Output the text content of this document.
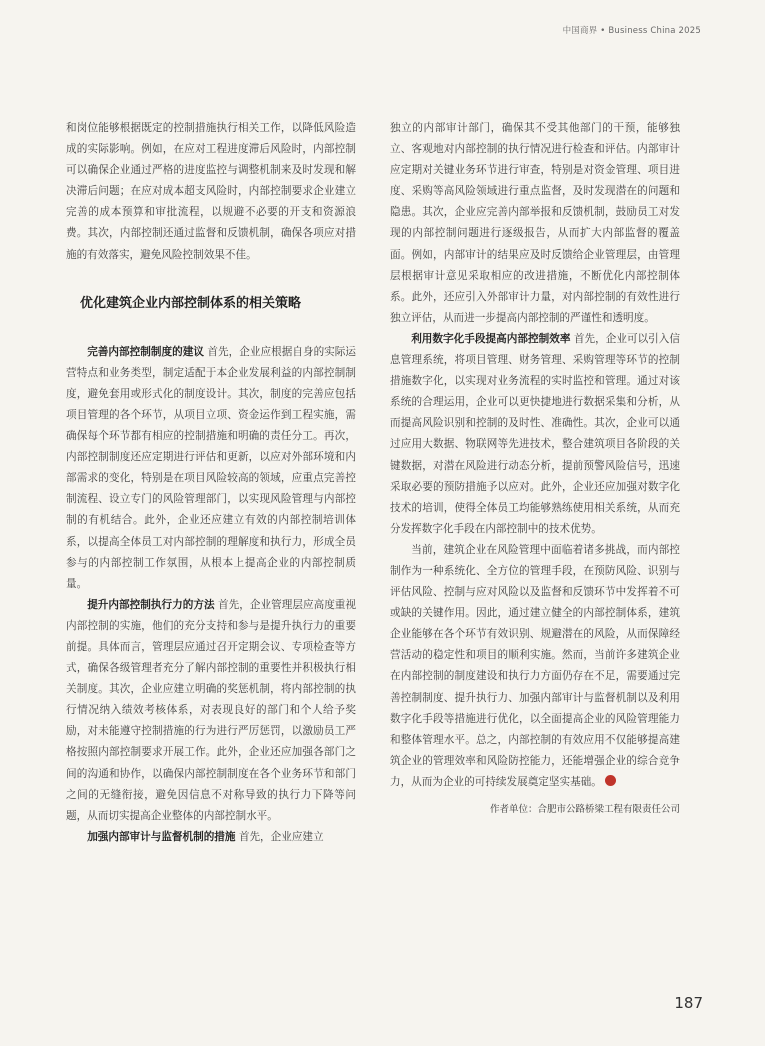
中国商界 • Business China 2025

和岗位能够根据既定的控制措施执行相关工作，以降低风险造成的实际影响。例如，在应对工程进度滞后风险时，内部控制可以确保企业通过严格的进度监控与调整机制来及时发现和解决滞后问题；在应对成本超支风险时，内部控制要求企业建立完善的成本预算和审批流程，以规避不必要的开支和资源浪费。其次，内部控制还通过监督和反馈机制，确保各项应对措施的有效落实，避免风险控制效果不佳。

优化建筑企业内部控制体系的相关策略

完善内部控制制度的建议 首先，企业应根据自身的实际运营特点和业务类型，制定适配于本企业发展利益的内部控制制度，避免套用或形式化的制度设计。其次，制度的完善应包括项目管理的各个环节，从项目立项、资金运作到工程实施，需确保每个环节都有相应的控制措施和明确的责任分工。再次，内部控制制度还应定期进行评估和更新，以应对外部环境和内部需求的变化，特别是在项目风险较高的领域，应重点完善控制流程、设立专门的风险管理部门，以实现风险管理与内部控制的有机结合。此外，企业还应建立有效的内部控制培训体系，以提高全体员工对内部控制的理解度和执行力，形成全员参与的内部控制工作氛围，从根本上提高企业的内部控制质量。

提升内部控制执行力的方法 首先，企业管理层应高度重视内部控制的实施，他们的充分支持和参与是提升执行力的重要前提。具体而言，管理层应通过召开定期会议、专项检查等方式，确保各级管理者充分了解内部控制的重要性并积极执行相关制度。其次，企业应建立明确的奖惩机制，将内部控制的执行情况纳入绩效考核体系，对表现良好的部门和个人给予奖励，对未能遵守控制措施的行为进行严厉惩罚，以激励员工严格按照内部控制要求开展工作。此外，企业还应加强各部门之间的沟通和协作，以确保内部控制制度在各个业务环节和部门之间的无缝衔接，避免因信息不对称导致的执行力下降等问题，从而切实提高企业整体的内部控制水平。

加强内部审计与监督机制的措施 首先，企业应建立

独立的内部审计部门，确保其不受其他部门的干预，能够独立、客观地对内部控制的执行情况进行检查和评估。内部审计应定期对关键业务环节进行审查，特别是对资金管理、项目进度、采购等高风险领域进行重点监督，及时发现潜在的问题和隐患。其次，企业应完善内部举报和反馈机制，鼓励员工对发现的内部控制问题进行逐级报告，从而扩大内部监督的覆盖面。例如，内部审计的结果应及时反馈给企业管理层，由管理层根据审计意见采取相应的改进措施，不断优化内部控制体系。此外，还应引入外部审计力量，对内部控制的有效性进行独立评估，从而进一步提高内部控制的严谨性和透明度。

利用数字化手段提高内部控制效率 首先，企业可以引入信息管理系统，将项目管理、财务管理、采购管理等环节的控制措施数字化，以实现对业务流程的实时监控和管理。通过对该系统的合理运用，企业可以更快捷地进行数据采集和分析，从而提高风险识别和控制的及时性、准确性。其次，企业可以通过应用大数据、物联网等先进技术，整合建筑项目各阶段的关键数据，对潜在风险进行动态分析，提前预警风险信号，迅速采取必要的预防措施予以应对。此外，企业还应加强对数字化技术的培训，使得全体员工均能够熟练使用相关系统，从而充分发挥数字化手段在内部控制中的技术优势。

当前，建筑企业在风险管理中面临着诸多挑战，而内部控制作为一种系统化、全方位的管理手段，在预防风险、识别与评估风险、控制与应对风险以及监督和反馈环节中发挥着不可或缺的关键作用。因此，通过建立健全的内部控制体系，建筑企业能够在各个环节有效识别、规避潜在的风险，从而保障经营活动的稳定性和项目的顺利实施。然而，当前许多建筑企业在内部控制的制度建设和执行力方面仍存在不足，需要通过完善控制制度、提升执行力、加强内部审计与监督机制以及利用数字化手段等措施进行优化，以全面提高企业的风险管理能力和整体管理水平。总之，内部控制的有效应用不仅能够提高建筑企业的管理效率和风险防控能力，还能增强企业的综合竞争力，从而为企业的可持续发展奠定坚实基础。

作者单位：合肥市公路桥梁工程有限责任公司
187
